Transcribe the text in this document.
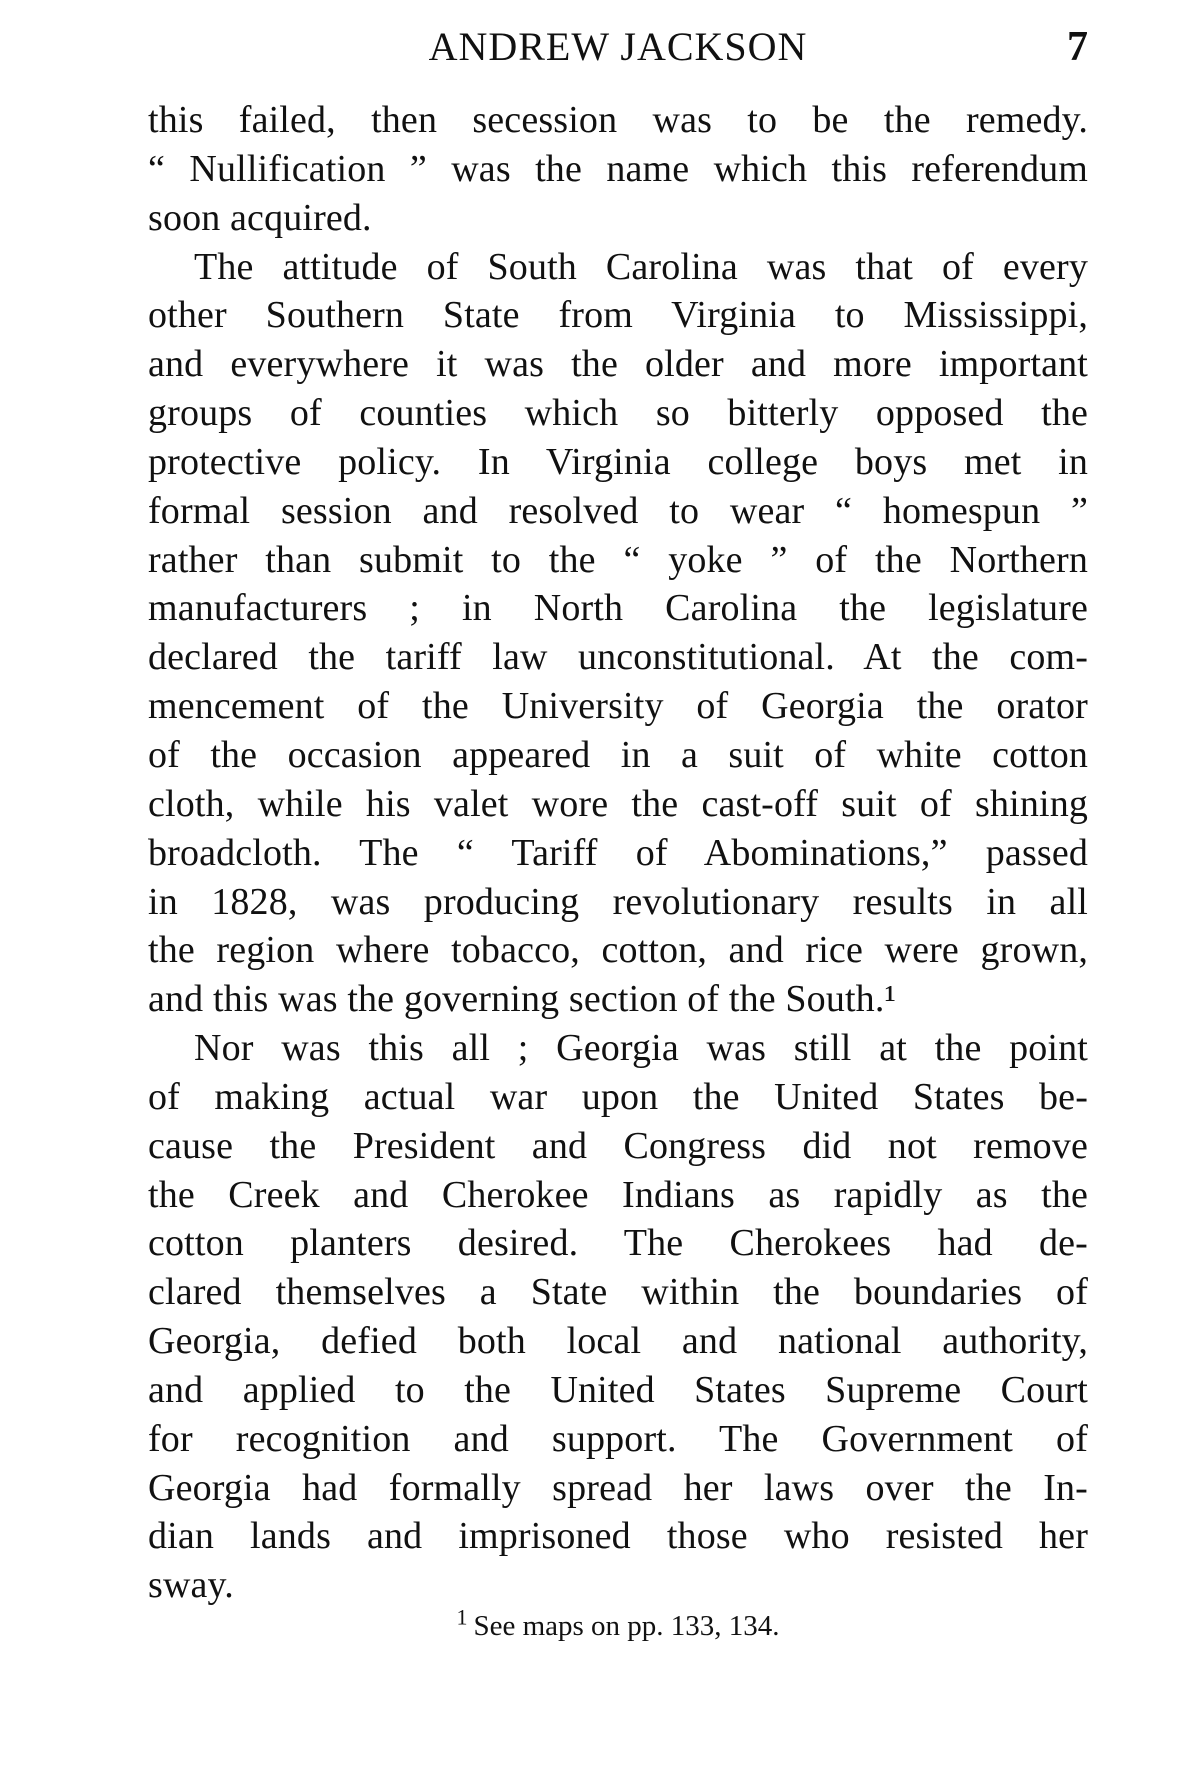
ANDREW JACKSON	7
this failed, then secession was to be the remedy.
“ Nullification ” was the name which this referendum
soon acquired.
The attitude of South Carolina was that of every
other Southern State from Virginia to Mississippi,
and everywhere it was the older and more important
groups of counties which so bitterly opposed the
protective policy. In Virginia college boys met in
formal session and resolved to wear “ homespun ”
rather than submit to the “ yoke ” of the Northern
manufacturers ; in North Carolina the legislature
declared the tariff law unconstitutional. At the com-
mencement of the University of Georgia the orator
of the occasion appeared in a suit of white cotton
cloth, while his valet wore the cast-off suit of shining
broadcloth. The “ Tariff of Abominations,” passed
in 1828, was producing revolutionary results in all
the region where tobacco, cotton, and rice were grown,
and this was the governing section of the South.¹
Nor was this all ; Georgia was still at the point
of making actual war upon the United States be-
cause the President and Congress did not remove
the Creek and Cherokee Indians as rapidly as the
cotton planters desired. The Cherokees had de-
clared themselves a State within the boundaries of
Georgia, defied both local and national authority,
and applied to the United States Supreme Court
for recognition and support. The Government of
Georgia had formally spread her laws over the In-
dian lands and imprisoned those who resisted her
sway.
$^1$ See maps on pp. 133, 134.
